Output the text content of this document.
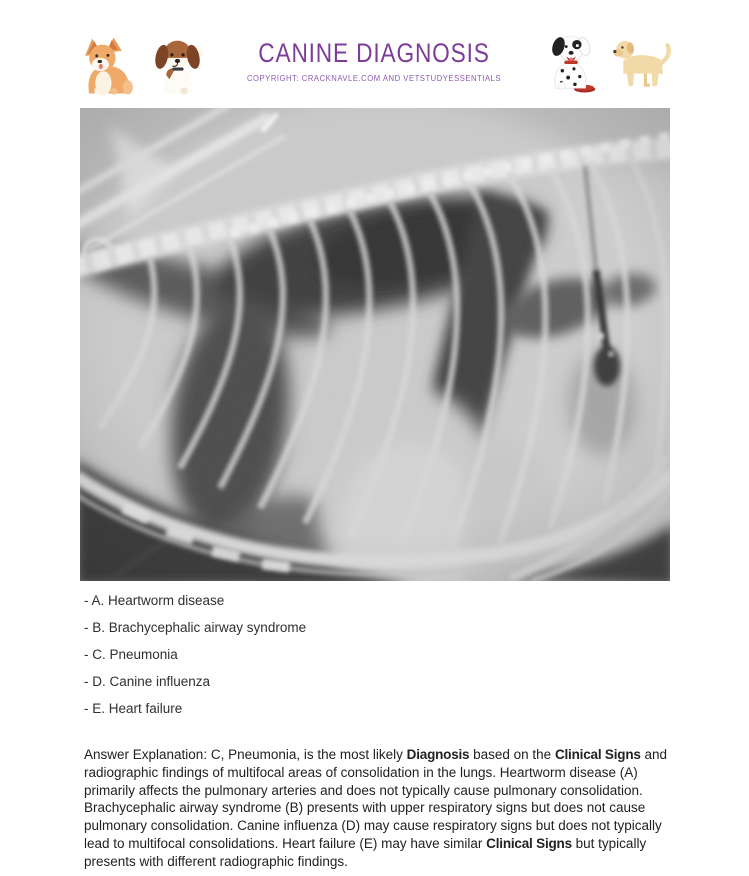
CANINE DIAGNOSIS
COPYRIGHT: CRACKNAVLE.COM AND VETSTUDYESSENTIALS
- A. Heartworm disease
- B. Brachycephalic airway syndrome
- C. Pneumonia
- D. Canine influenza
- E. Heart failure

Answer Explanation: C, Pneumonia, is the most likely Diagnosis based on the Clinical Signs and radiographic findings of multifocal areas of consolidation in the lungs. Heartworm disease (A) primarily affects the pulmonary arteries and does not typically cause pulmonary consolidation. Brachycephalic airway syndrome (B) presents with upper respiratory signs but does not cause pulmonary consolidation. Canine influenza (D) may cause respiratory signs but does not typically lead to multifocal consolidations. Heart failure (E) may have similar Clinical Signs but typically presents with different radiographic findings.
